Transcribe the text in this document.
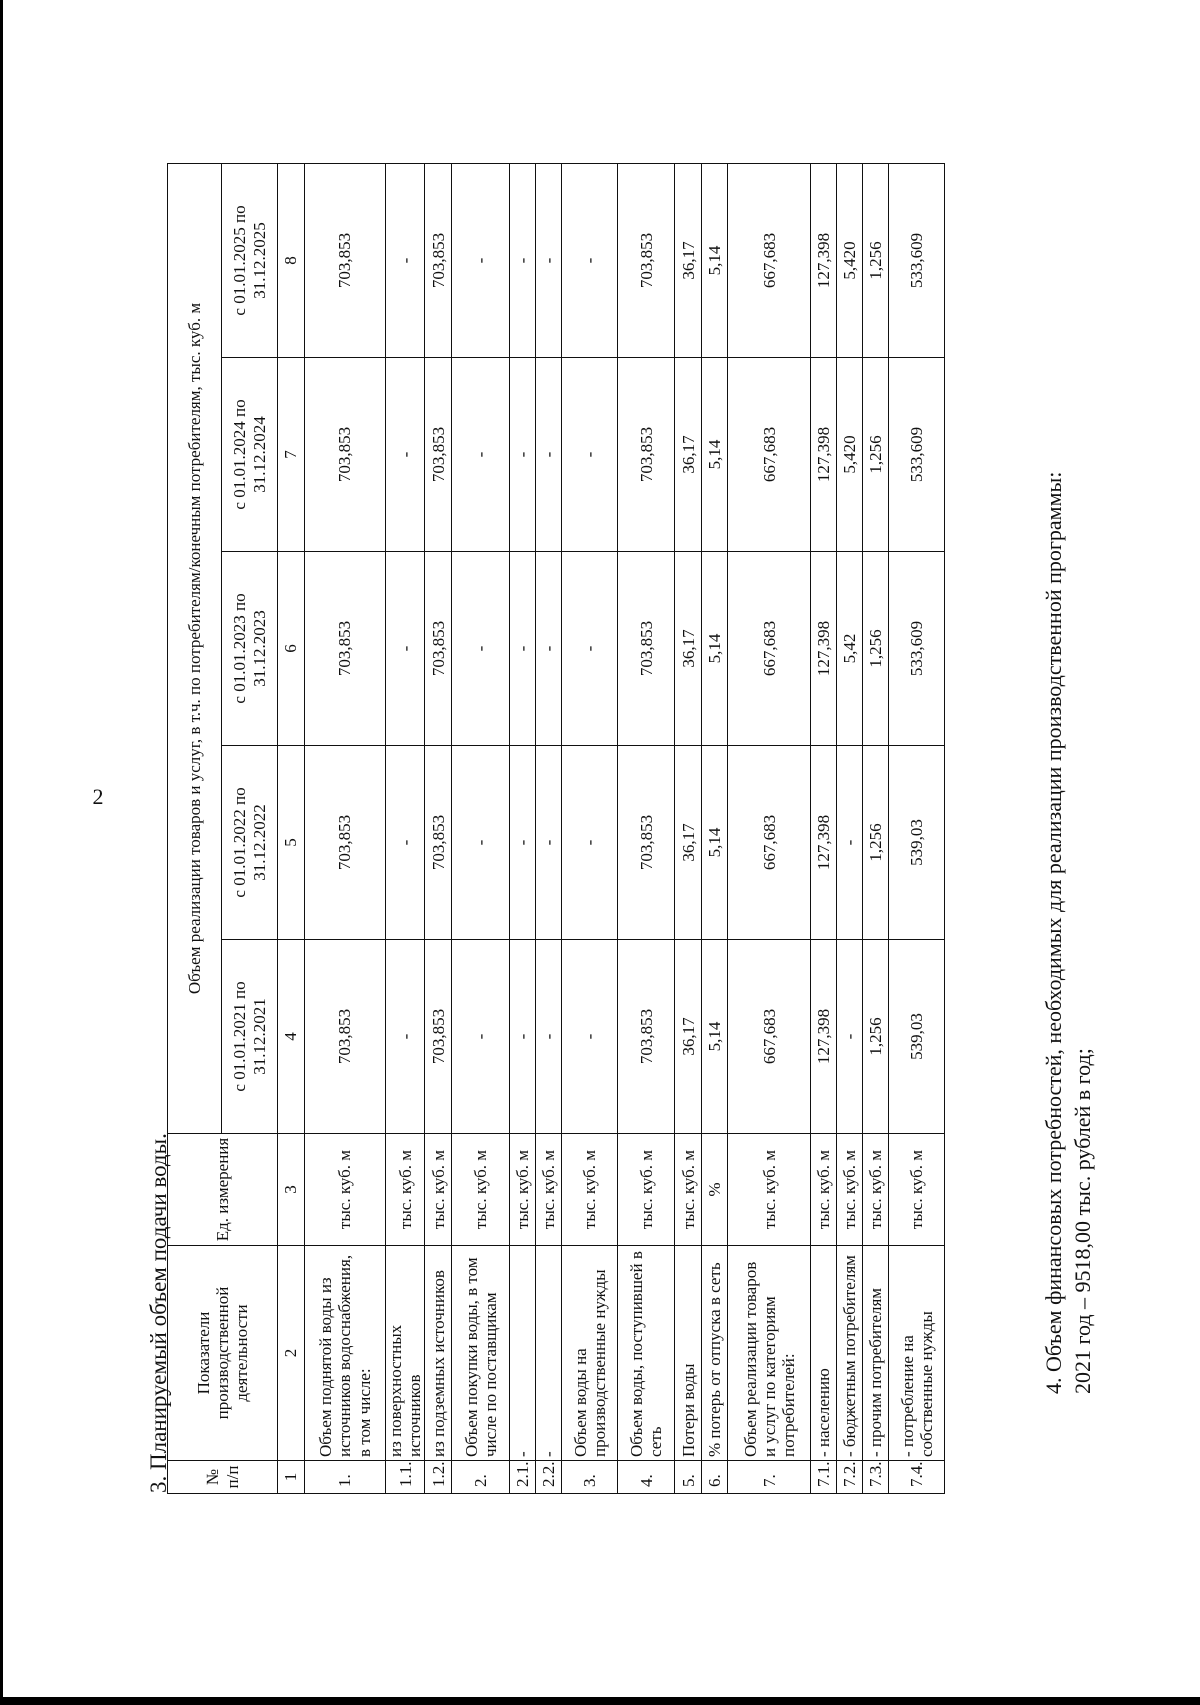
2
3. Планируемый объем подачи воды. № п/п	Показатели производственной деятельности	Ед. измерения	Объем реализации товаров и услуг, в т.ч. по потребителям/конечным потребителям, тыс. куб. м				
			с 01.01.2021 по 31.12.2021	с 01.01.2022 по 31.12.2022	с 01.01.2023 по 31.12.2023	с 01.01.2024 по 31.12.2024	с 01.01.2025 по 31.12.2025
1	2	3	4	5	6	7	8
1.	Объем поднятой воды из источников водоснабжения, в том числе:	тыс. куб. м	703,853	703,853	703,853	703,853	703,853
1.1.	из поверхностных источников	тыс. куб. м	-	-	-	-	-
1.2.	из подземных источников	тыс. куб. м	703,853	703,853	703,853	703,853	703,853
2.	Объем покупки воды, в том числе по поставщикам	тыс. куб. м	-	-	-	-	-
2.1.	-	тыс. куб. м	-	-	-	-	-
2.2.	-	тыс. куб. м	-	-	-	-	-
3.	Объем воды на производственные нужды	тыс. куб. м	-	-	-	-	-
4.	Объем воды, поступившей в сеть	тыс. куб. м	703,853	703,853	703,853	703,853	703,853
5.	Потери воды	тыс. куб. м	36,17	36,17	36,17	36,17	36,17
6.	% потерь от отпуска в сеть	%	5,14	5,14	5,14	5,14	5,14
7.	Объем реализации товаров и услуг по категориям потребителей:	тыс. куб. м	667,683	667,683	667,683	667,683	667,683
7.1.	- населению	тыс. куб. м	127,398	127,398	127,398	127,398	127,398
7.2.	- бюджетным потребителям	тыс. куб. м	-	-	5,42	5,420	5,420
7.3.	- прочим потребителям	тыс. куб. м	1,256	1,256	1,256	1,256	1,256
7.4.	- потребление на собственные нужды	тыс. куб. м	539,03	539,03	533,609	533,609	533,609
4. Объем финансовых потребностей, необходимых для реализации производственной программы: 2021 год – 9518,00 тыс. рублей в год;
